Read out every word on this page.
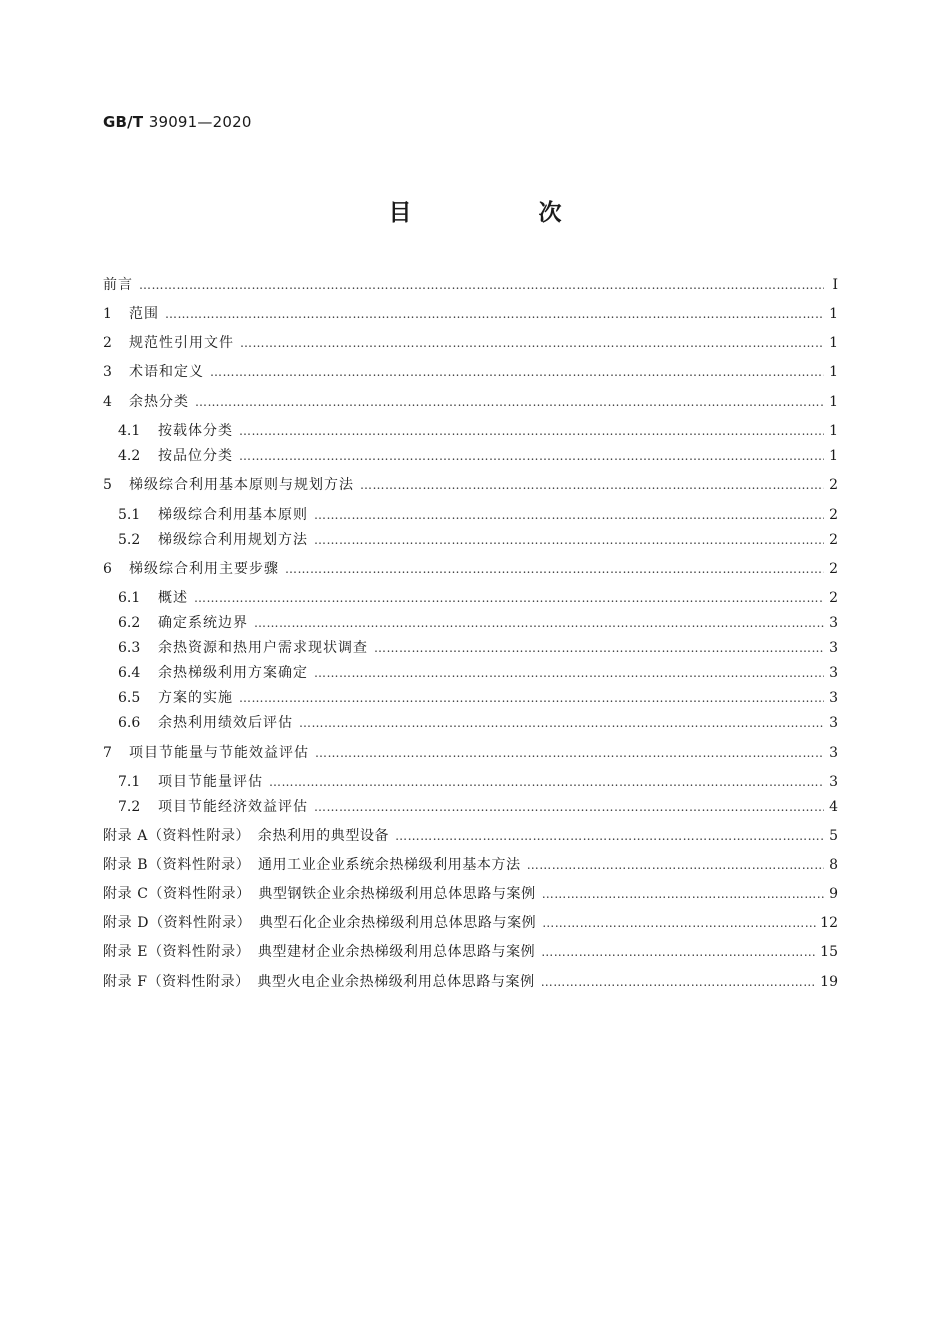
GB/T 39091—2020
目　次
前言 …………………………………………………………………………………………………………………………………………………………………………………………	Ⅰ
1	范围 …………………………………………………………………………………………………………………………………………………………………………………………	1
2	规范性引用文件 …………………………………………………………………………………………………………………………………………………………………………………………	1
3	术语和定义 …………………………………………………………………………………………………………………………………………………………………………………………	1
4	余热分类 …………………………………………………………………………………………………………………………………………………………………………………………	1
4.1	按载体分类 …………………………………………………………………………………………………………………………………………………………………………………………	1
4.2	按品位分类 …………………………………………………………………………………………………………………………………………………………………………………………	1
5	梯级综合利用基本原则与规划方法 …………………………………………………………………………………………………………………………………………………………………………………………	2
5.1	梯级综合利用基本原则 …………………………………………………………………………………………………………………………………………………………………………………………	2
5.2	梯级综合利用规划方法 …………………………………………………………………………………………………………………………………………………………………………………………	2
6	梯级综合利用主要步骤 …………………………………………………………………………………………………………………………………………………………………………………………	2
6.1	概述 …………………………………………………………………………………………………………………………………………………………………………………………	2
6.2	确定系统边界 …………………………………………………………………………………………………………………………………………………………………………………………	3
6.3	余热资源和热用户需求现状调查 …………………………………………………………………………………………………………………………………………………………………………………………	3
6.4	余热梯级利用方案确定 …………………………………………………………………………………………………………………………………………………………………………………………	3
6.5	方案的实施 …………………………………………………………………………………………………………………………………………………………………………………………	3
6.6	余热利用绩效后评估 …………………………………………………………………………………………………………………………………………………………………………………………	3
7	项目节能量与节能效益评估 …………………………………………………………………………………………………………………………………………………………………………………………	3
7.1	项目节能量评估 …………………………………………………………………………………………………………………………………………………………………………………………	3
7.2	项目节能经济效益评估 …………………………………………………………………………………………………………………………………………………………………………………………	4
附录 A（资料性附录）　余热利用的典型设备 …………………………………………………………………………………………………………………………………………………………………………………………	5
附录 B（资料性附录）　通用工业企业系统余热梯级利用基本方法 …………………………………………………………………………………………………………………………………………………………………………………………	8
附录 C（资料性附录）　典型钢铁企业余热梯级利用总体思路与案例 …………………………………………………………………………………………………………………………………………………………………………………………	9
附录 D（资料性附录）　典型石化企业余热梯级利用总体思路与案例 …………………………………………………………………………………………………………………………………………………………………………………………	12
附录 E（资料性附录）　典型建材企业余热梯级利用总体思路与案例 …………………………………………………………………………………………………………………………………………………………………………………………	15
附录 F（资料性附录）　典型火电企业余热梯级利用总体思路与案例 …………………………………………………………………………………………………………………………………………………………………………………………	19
